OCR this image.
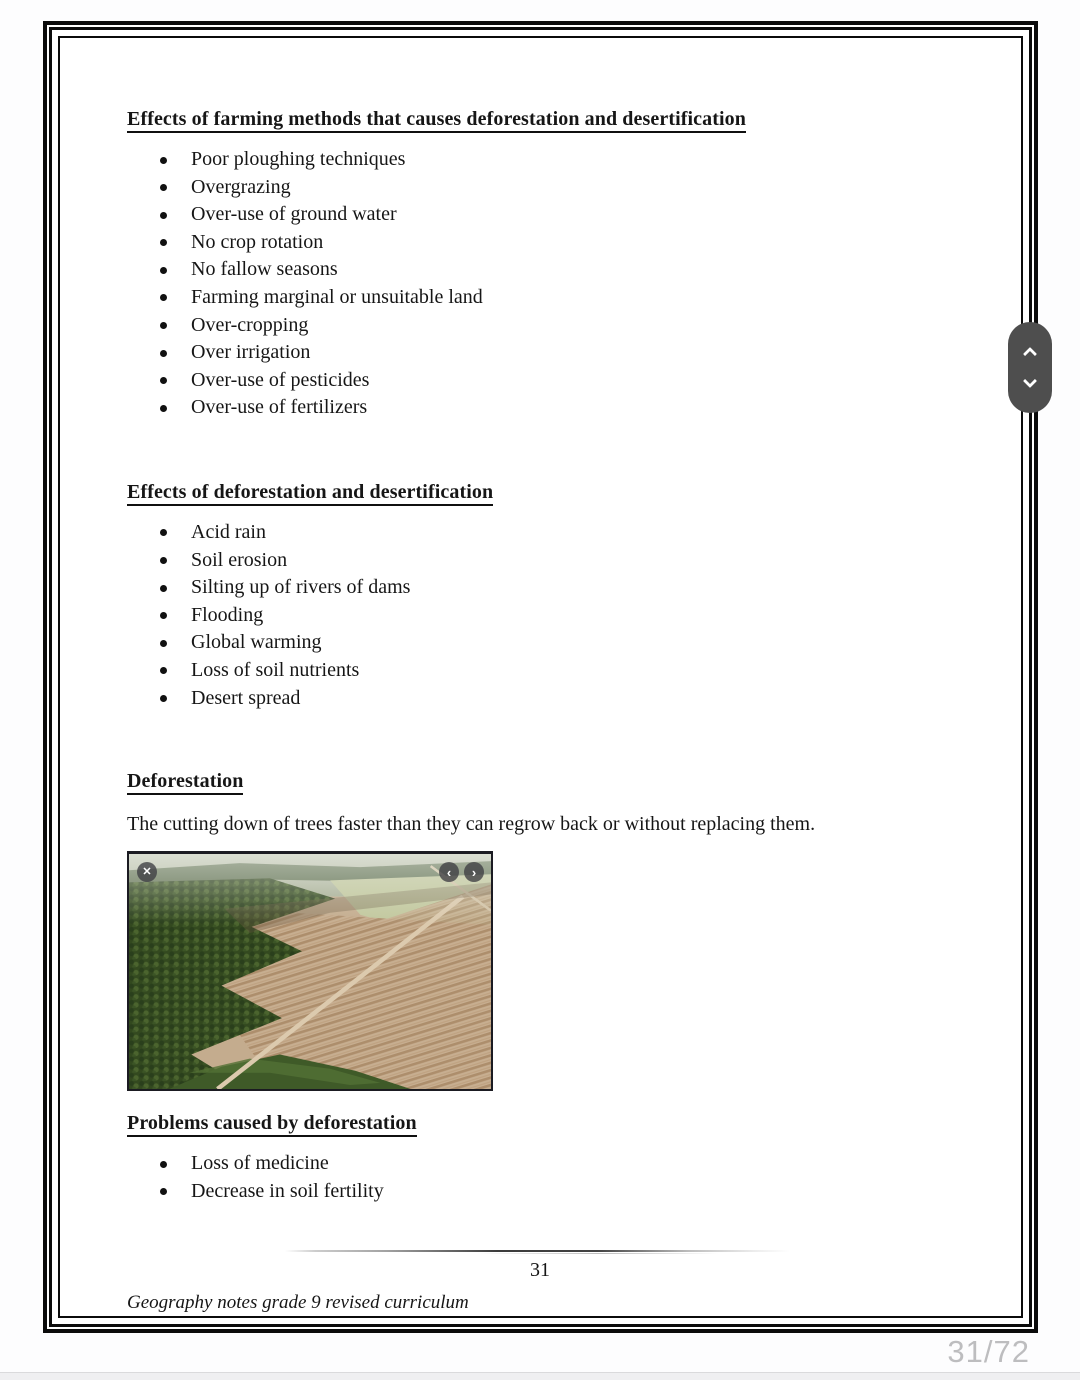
Effects of farming methods that causes deforestation and desertification
Poor ploughing techniques
Overgrazing
Over-use of ground water
No crop rotation
No fallow seasons
Farming marginal or unsuitable land
Over-cropping
Over irrigation
Over-use of pesticides
Over-use of fertilizers
Effects of deforestation and desertification
Acid rain
Soil erosion
Silting up of rivers of dams
Flooding
Global warming
Loss of soil nutrients
Desert spread
Deforestation

The cutting down of trees faster than they can regrow back or without replacing them.

✕	‹	›
Problems caused by deforestation
Loss of medicine
Decrease in soil fertility
31
Geography notes grade 9 revised curriculum
31/72
